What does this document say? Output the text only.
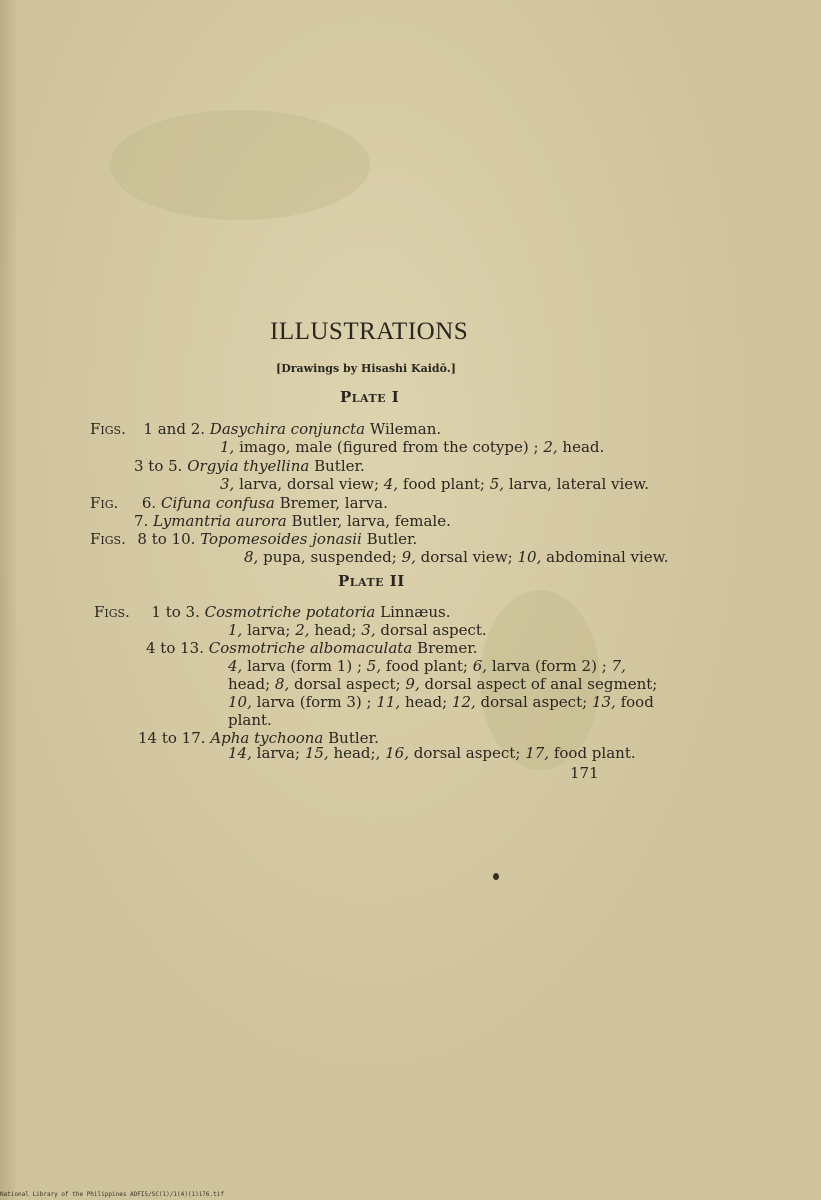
ILLUSTRATIONS
[Drawings by Hisashi Kaidō.]
Plate I
Figs. 1 and 2. Dasychira conjuncta Wileman.
1, imago, male (figured from the cotype) ; 2, head.
3 to 5. Orgyia thyellina Butler.
3, larva, dorsal view; 4, food plant; 5, larva, lateral view.
Fig. 6. Cifuna confusa Bremer, larva.
7. Lymantria aurora Butler, larva, female.
Figs. 8 to 10. Topomesoides jonasii Butler.
8, pupa, suspended; 9, dorsal view; 10, abdominal view.
Plate II
Figs. 1 to 3. Cosmotriche potatoria Linnæus.
1, larva; 2, head; 3, dorsal aspect.
4 to 13. Cosmotriche albomaculata Bremer.
4, larva (form 1) ; 5, food plant; 6, larva (form 2) ; 7,
head; 8, dorsal aspect; 9, dorsal aspect of anal segment;
10, larva (form 3) ; 11, head; 12, dorsal aspect; 13, food
plant.
14 to 17. Apha tychoona Butler.
14, larva; 15, head;, 16, dorsal aspect; 17, food plant.
171
National Library of the Philippines ADFI5/SC(1)/1(4)(1)176.tif
